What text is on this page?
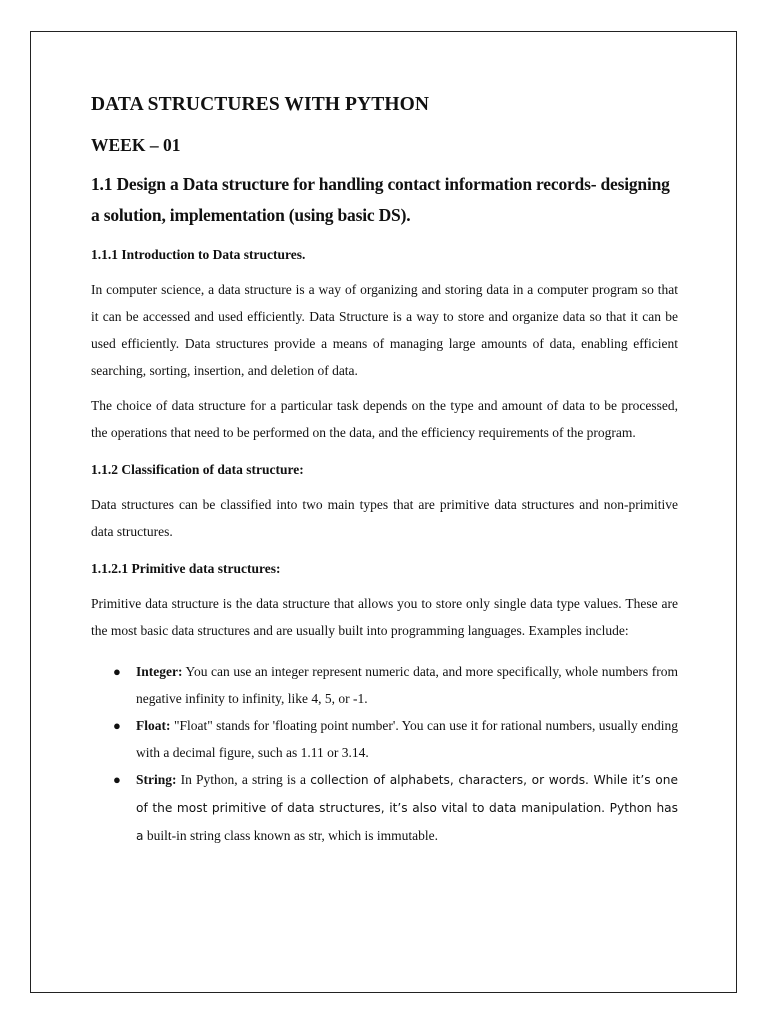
DATA STRUCTURES WITH PYTHON
WEEK – 01
1.1 Design a Data structure for handling contact information records- designing a solution, implementation (using basic DS).
1.1.1 Introduction to Data structures.

In computer science, a data structure is a way of organizing and storing data in a computer program so that it can be accessed and used efficiently. Data Structure is a way to store and organize data so that it can be used efficiently. Data structures provide a means of managing large amounts of data, enabling efficient searching, sorting, insertion, and deletion of data.

The choice of data structure for a particular task depends on the type and amount of data to be processed, the operations that need to be performed on the data, and the efficiency requirements of the program.

1.1.2 Classification of data structure:

Data structures can be classified into two main types that are primitive data structures and non-primitive data structures.

1.1.2.1 Primitive data structures:

Primitive data structure is the data structure that allows you to store only single data type values. These are the most basic data structures and are usually built into programming languages. Examples include:

● Integer: You can use an integer represent numeric data, and more specifically, whole numbers from negative infinity to infinity, like 4, 5, or -1.
● Float: "Float" stands for 'floating point number'. You can use it for rational numbers, usually ending with a decimal figure, such as 1.11 or 3.14.
● String: In Python, a string is a collection of alphabets, characters, or words. While it’s one of the most primitive of data structures, it’s also vital to data manipulation. Python has a built-in string class known as str, which is immutable.
